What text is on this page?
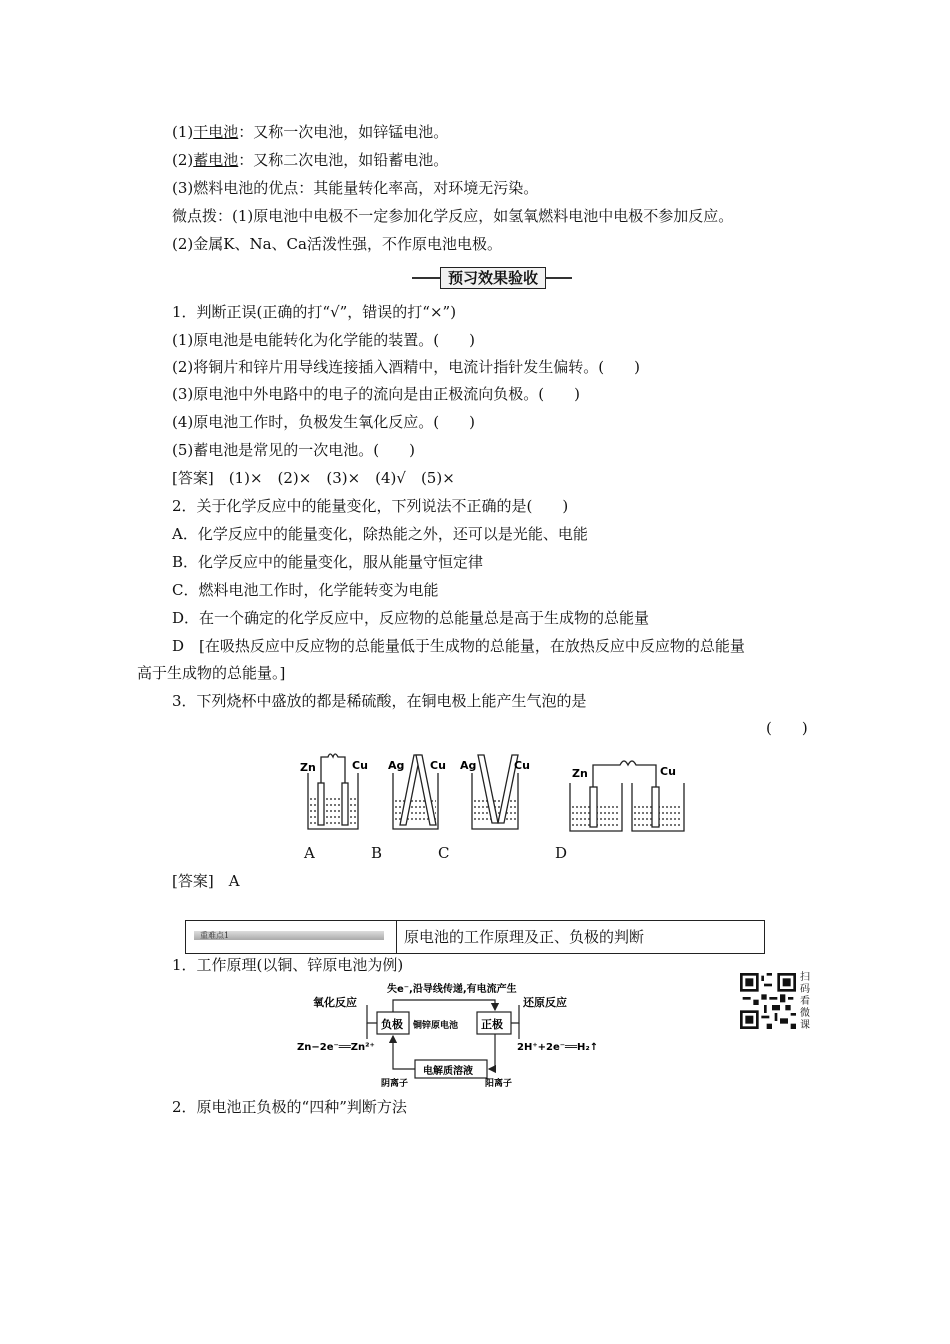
(1)干电池：又称一次电池，如锌锰电池。
(2)蓄电池：又称二次电池，如铅蓄电池。
(3)燃料电池的优点：其能量转化率高，对环境无污染。
微点拨：(1)原电池中电极不一定参加化学反应，如氢氧燃料电池中电极不参加反应。
(2)金属K、Na、Ca活泼性强，不作原电池电极。
预习效果验收
1．判断正误(正确的打“√”，错误的打“×”)
(1)原电池是电能转化为化学能的装置。(　　)
(2)将铜片和锌片用导线连接插入酒精中，电流计指针发生偏转。(　　)
(3)原电池中外电路中的电子的流向是由正极流向负极。(　　)
(4)原电池工作时，负极发生氧化反应。(　　)
(5)蓄电池是常见的一次电池。(　　)
[答案]　(1)×　(2)×　(3)×　(4)√　(5)×
2．关于化学反应中的能量变化，下列说法不正确的是(　　)
A．化学反应中的能量变化，除热能之外，还可以是光能、电能
B．化学反应中的能量变化，服从能量守恒定律
C．燃料电池工作时，化学能转变为电能
D．在一个确定的化学反应中，反应物的总能量总是高于生成物的总能量
D　[在吸热反应中反应物的总能量低于生成物的总能量，在放热反应中反应物的总能量
高于生成物的总能量。]
3．下列烧杯中盛放的都是稀硫酸，在铜电极上能产生气泡的是
(　　)
Zn	Cu Ag Cu Ag	Cu
Zn	Cu
A	B	C	D
[答案]　A
重难点1	原电池的工作原理及正、负极的判断
1．工作原理(以铜、锌原电池为例)
失e⁻,沿导线传递,有电流产生
氧化反应
负极 铜锌原电池 正极
还原反应
Zn−2e⁻══Zn²⁺	2H⁺+2e⁻══H₂↑
电解质溶液
阴离子	阳离子
扫码看微课
2．原电池正负极的“四种”判断方法
